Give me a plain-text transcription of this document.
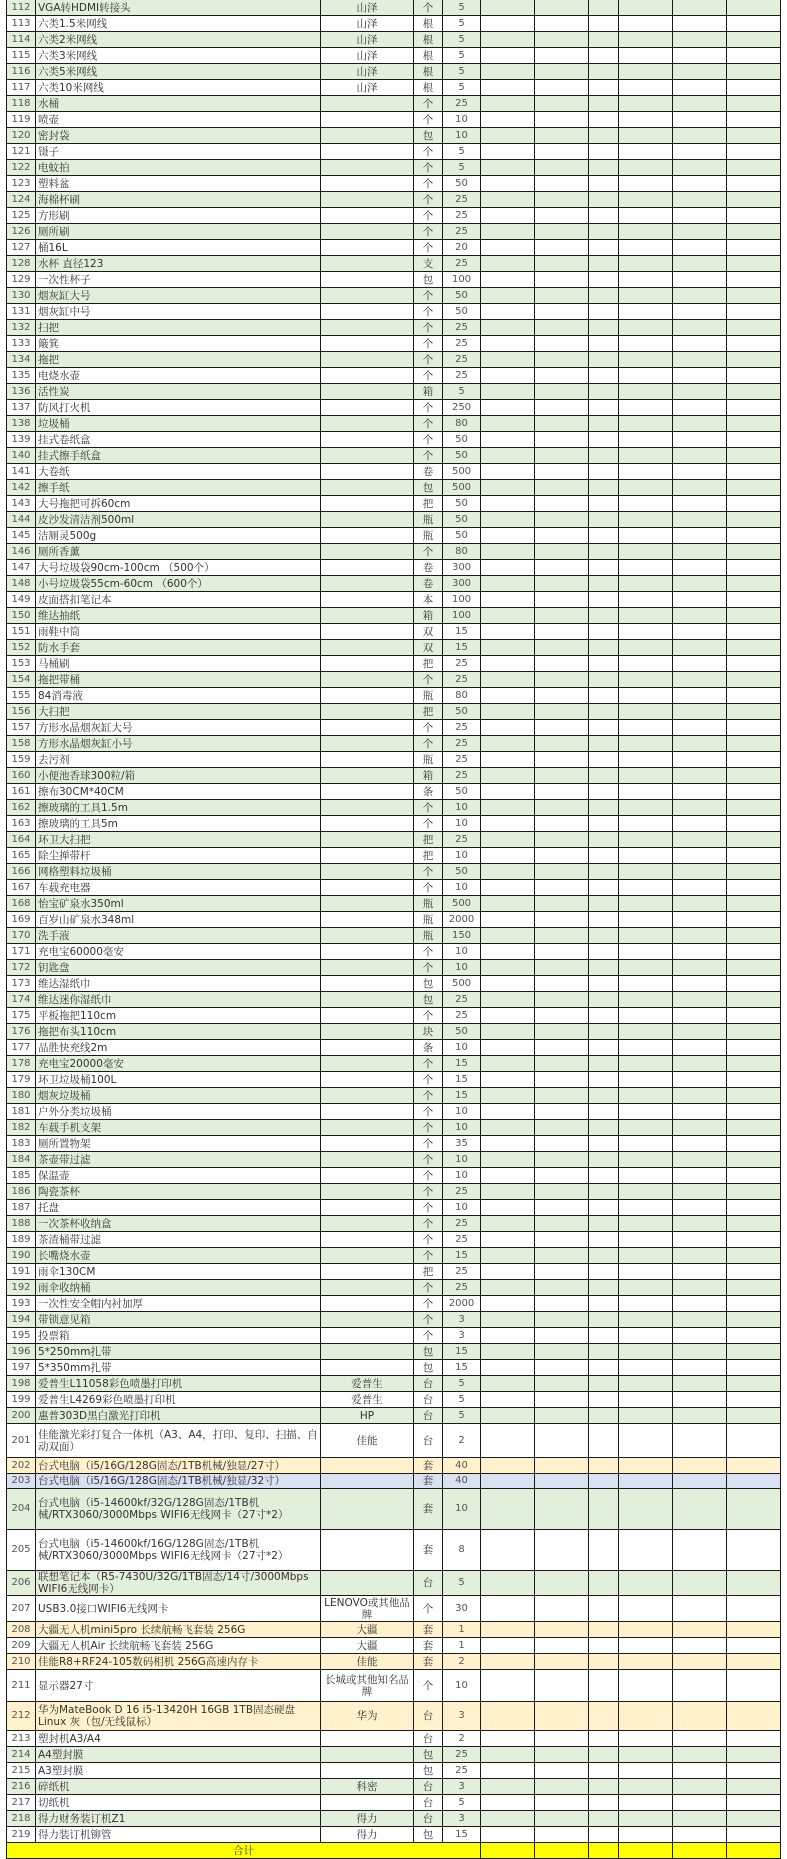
112	VGA转HDMI转接头	山泽	个	5						
113	六类1.5米网线	山泽	根	5						
114	六类2米网线	山泽	根	5						
115	六类3米网线	山泽	根	5						
116	六类5米网线	山泽	根	5						
117	六类10米网线	山泽	根	5						
118	水桶		个	25						
119	喷壶		个	10						
120	密封袋		包	10						
121	镊子		个	5						
122	电蚊拍		个	5						
123	塑料盆		个	50						
124	海棉杯刷		个	25						
125	方形刷		个	25						
126	厕所刷		个	25						
127	桶16L		个	20						
128	水杯 直径123		支	25						
129	一次性杯子		包	100						
130	烟灰缸大号		个	50						
131	烟灰缸中号		个	50						
132	扫把		个	25						
133	簸箕		个	25						
134	拖把		个	25						
135	电烧水壶		个	25						
136	活性炭		箱	5						
137	防风打火机		个	250						
138	垃圾桶		个	80						
139	挂式卷纸盒		个	50						
140	挂式擦手纸盒		个	50						
141	大卷纸		卷	500						
142	擦手纸		包	500						
143	大号拖把可拆60cm		把	50						
144	皮沙发清洁剂500ml		瓶	50						
145	洁厕灵500g		瓶	50						
146	厕所香薰		个	80						
147	大号垃圾袋90cm-100cm （500个）		卷	300						
148	小号垃圾袋55cm-60cm （600个）		卷	300						
149	皮面搭扣笔记本		本	100						
150	维达抽纸		箱	100						
151	雨鞋中筒		双	15						
152	防水手套		双	15						
153	马桶刷		把	25						
154	拖把带桶		个	25						
155	84消毒液		瓶	80						
156	大扫把		把	50						
157	方形水晶烟灰缸大号		个	25						
158	方形水晶烟灰缸小号		个	25						
159	去污剂		瓶	25						
160	小便池香球300粒/箱		箱	25						
161	擦布30CM*40CM		条	50						
162	擦玻璃的工具1.5m		个	10						
163	擦玻璃的工具5m		个	10						
164	环卫大扫把		把	25						
165	除尘掸带杆		把	10						
166	网格塑料垃圾桶		个	50						
167	车载充电器		个	10						
168	怡宝矿泉水350ml		瓶	500						
169	百岁山矿泉水348ml		瓶	2000						
170	洗手液		瓶	150						
171	充电宝60000毫安		个	10						
172	钥匙盘		个	10						
173	维达湿纸巾		包	500						
174	维达迷你湿纸巾		包	25						
175	平板拖把110cm		个	25						
176	拖把布头110cm		块	50						
177	品胜快充线2m		条	10						
178	充电宝20000毫安		个	15						
179	环卫垃圾桶100L		个	15						
180	烟灰垃圾桶		个	15						
181	户外分类垃圾桶		个	10						
182	车载手机支架		个	10						
183	厕所置物架		个	35						
184	茶壶带过滤		个	10						
185	保温壶		个	10						
186	陶瓷茶杯		个	25						
187	托盘		个	10						
188	一次茶杯收纳盒		个	25						
189	茶渣桶带过滤		个	25						
190	长嘴烧水壶		个	15						
191	雨伞130CM		把	25						
192	雨伞收纳桶		个	25						
193	一次性安全帽内衬加厚		个	2000						
194	带锁意见箱		个	3						
195	投票箱		个	3						
196	5*250mm扎带		包	15						
197	5*350mm扎带		包	15						
198	爱普生L11058彩色喷墨打印机	爱普生	台	5						
199	爱普生L4269彩色喷墨打印机	爱普生	台	5						
200	惠普303D黑白激光打印机	HP	台	5						
201	佳能激光彩打复合一体机（A3、A4，打印、复印、扫描、自动双面）	佳能	台	2						
202	台式电脑（i5/16G/128G固态/1TB机械/独显/27寸）		套	40						
203	台式电脑（i5/16G/128G固态/1TB机械/独显/32寸）		套	40						
204	台式电脑（i5-14600kf/32G/128G固态/1TB机械/RTX3060/3000Mbps WIFI6无线网卡（27寸*2）		套	10						
205	台式电脑（i5-14600kf/16G/128G固态/1TB机械/RTX3060/3000Mbps WIFI6无线网卡（27寸*2）		套	8						
206	联想笔记本（R5-7430U/32G/1TB固态/14寸/3000Mbps WIFI6无线网卡）		台	5						
207	USB3.0接口WIFI6无线网卡	LENOVO或其他品牌	个	30						
208	大疆无人机mini5pro 长续航畅飞套装 256G	大疆	套	1						
209	大疆无人机Air 长续航畅飞套装 256G	大疆	套	1						
210	佳能R8+RF24-105数码相机 256G高速内存卡	佳能	套	2						
211	显示器27寸	长城或其他知名品牌	个	10						
212	华为MateBook D 16 i5-13420H 16GB 1TB固态硬盘 Linux 灰（包/无线鼠标）	华为	台	3						
213	塑封机A3/A4		台	2						
214	A4塑封膜		包	25						
215	A3塑封膜		包	25						
216	碎纸机	科密	台	3						
217	切纸机		台	5						
218	得力财务装订机Z1	得力	台	3						
219	得力装订机铆管	得力	包	15						
合计										
